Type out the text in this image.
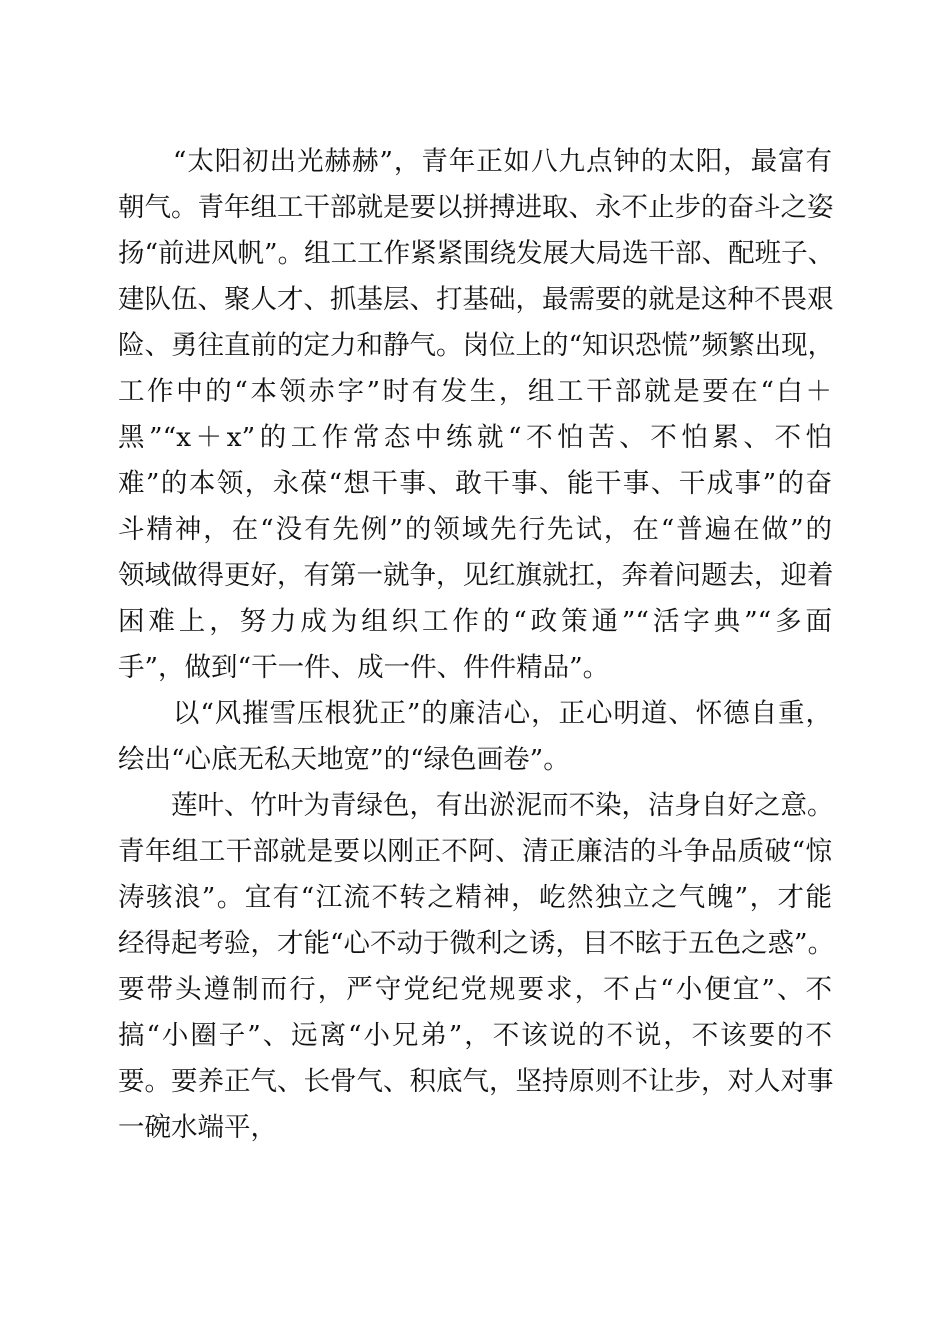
　　“太阳初出光赫赫”，青年正如八九点钟的太阳，最富有
朝气。青年组工干部就是要以拼搏进取、永不止步的奋斗之姿
扬“前进风帆”。组工工作紧紧围绕发展大局选干部、配班子、
建队伍、聚人才、抓基层、打基础，最需要的就是这种不畏艰
险、勇往直前的定力和静气。岗位上的“知识恐慌”频繁出现，
工作中的“本领赤字”时有发生，组工干部就是要在“白＋
黑”“x＋x”的工作常态中练就“不怕苦、不怕累、不怕
难”的本领，永葆“想干事、敢干事、能干事、干成事”的奋
斗精神，在“没有先例”的领域先行先试，在“普遍在做”的
领域做得更好，有第一就争，见红旗就扛，奔着问题去，迎着
困难上，努力成为组织工作的“政策通”“活字典”“多面
手”，做到“干一件、成一件、件件精品”。
　　以“风摧雪压根犹正”的廉洁心，正心明道、怀德自重，
绘出“心底无私天地宽”的“绿色画卷”。
　　莲叶、竹叶为青绿色，有出淤泥而不染，洁身自好之意。
青年组工干部就是要以刚正不阿、清正廉洁的斗争品质破“惊
涛骇浪”。宜有“江流不转之精神，屹然独立之气魄”，才能
经得起考验，才能“心不动于微利之诱，目不眩于五色之惑”。
要带头遵制而行，严守党纪党规要求，不占“小便宜”、不
搞“小圈子”、远离“小兄弟”，不该说的不说，不该要的不
要。要养正气、长骨气、积底气，坚持原则不让步，对人对事
一碗水端平，
